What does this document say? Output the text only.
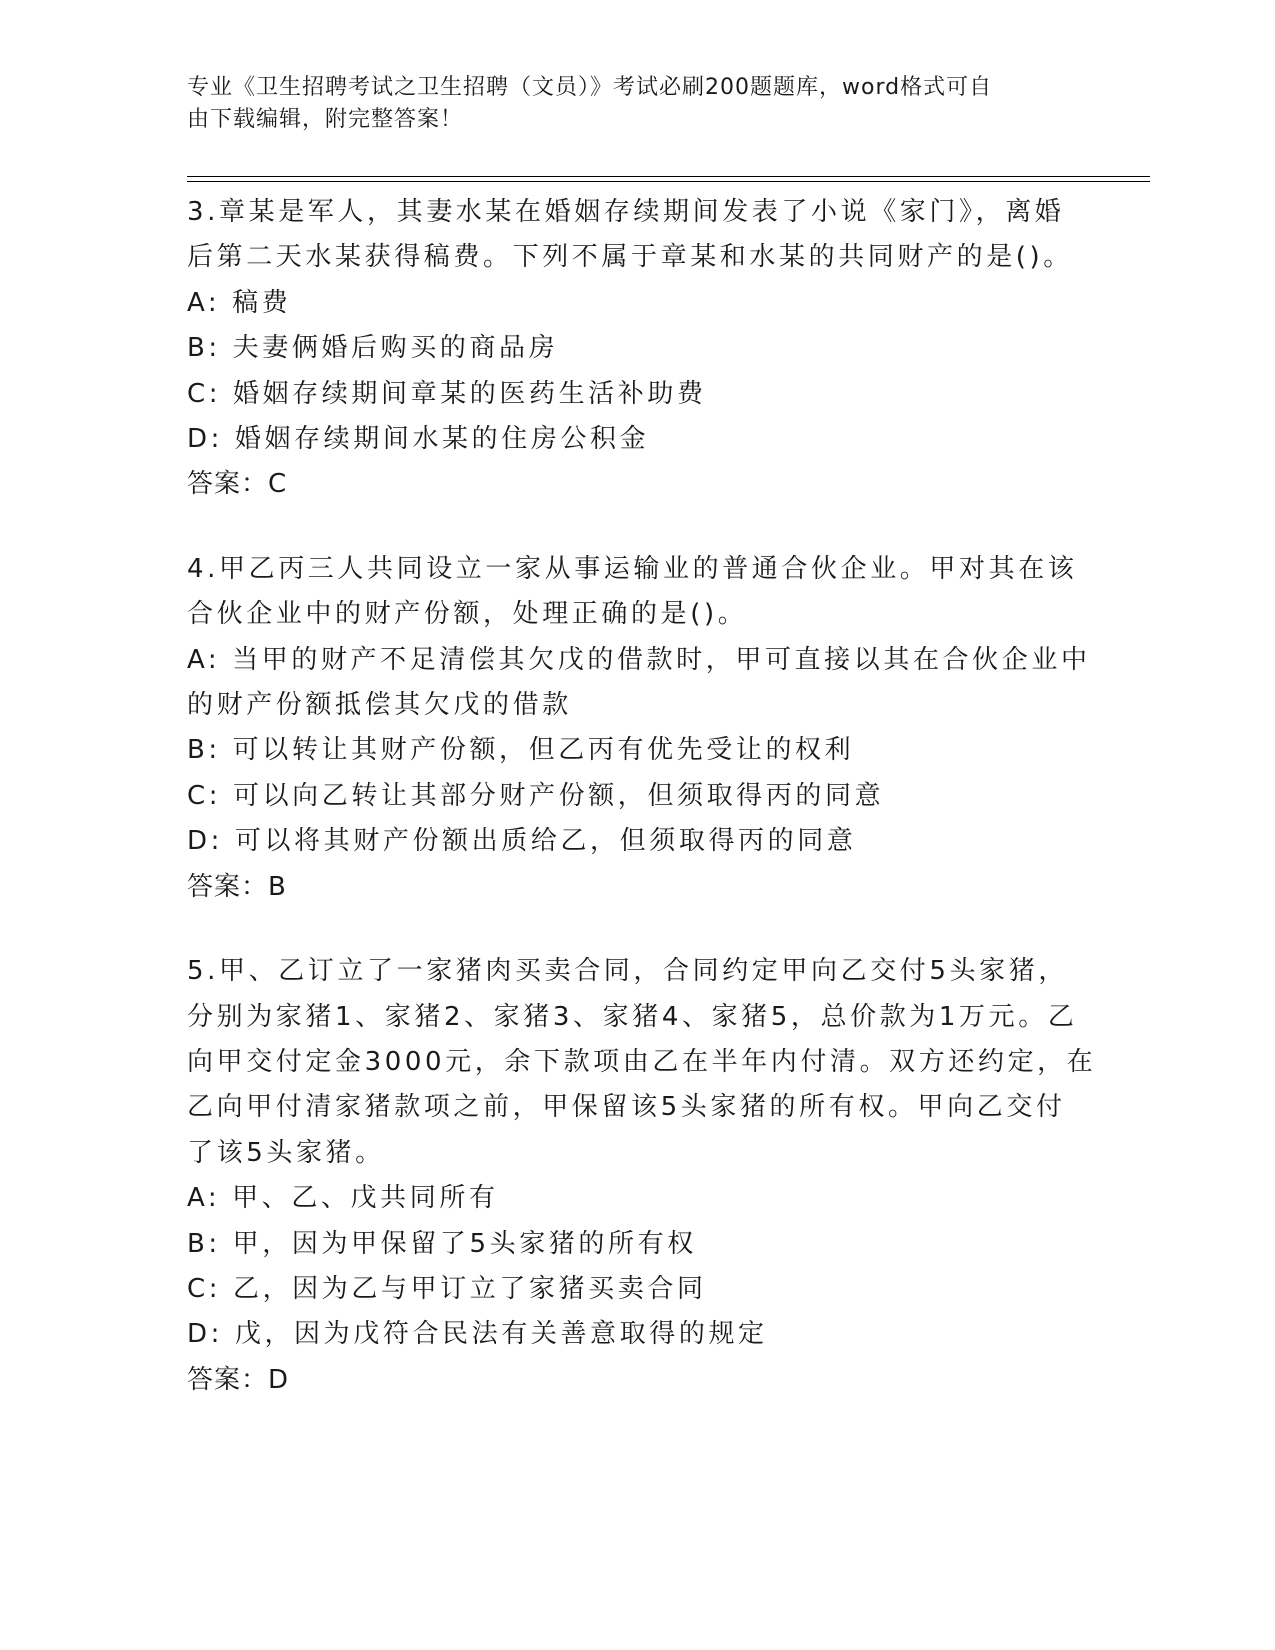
专业《卫生招聘考试之卫生招聘（文员）》考试必刷200题题库，word格式可自
由下载编辑，附完整答案！

3.章某是军人，其妻水某在婚姻存续期间发表了小说《家门》，离婚

后第二天水某获得稿费。下列不属于章某和水某的共同财产的是()。

A: 稿费

B: 夫妻俩婚后购买的商品房

C: 婚姻存续期间章某的医药生活补助费

D: 婚姻存续期间水某的住房公积金

答案：C

4.甲乙丙三人共同设立一家从事运输业的普通合伙企业。甲对其在该

合伙企业中的财产份额，处理正确的是()。

A: 当甲的财产不足清偿其欠戊的借款时，甲可直接以其在合伙企业中

的财产份额抵偿其欠戊的借款

B: 可以转让其财产份额，但乙丙有优先受让的权利

C: 可以向乙转让其部分财产份额，但须取得丙的同意

D: 可以将其财产份额出质给乙，但须取得丙的同意

答案：B

5.甲、乙订立了一家猪肉买卖合同，合同约定甲向乙交付5头家猪，

分别为家猪1、家猪2、家猪3、家猪4、家猪5，总价款为1万元。乙

向甲交付定金3000元，余下款项由乙在半年内付清。双方还约定，在

乙向甲付清家猪款项之前，甲保留该5头家猪的所有权。甲向乙交付

了该5头家猪。

A: 甲、乙、戊共同所有

B: 甲，因为甲保留了5头家猪的所有权

C: 乙，因为乙与甲订立了家猪买卖合同

D: 戊，因为戊符合民法有关善意取得的规定

答案：D
